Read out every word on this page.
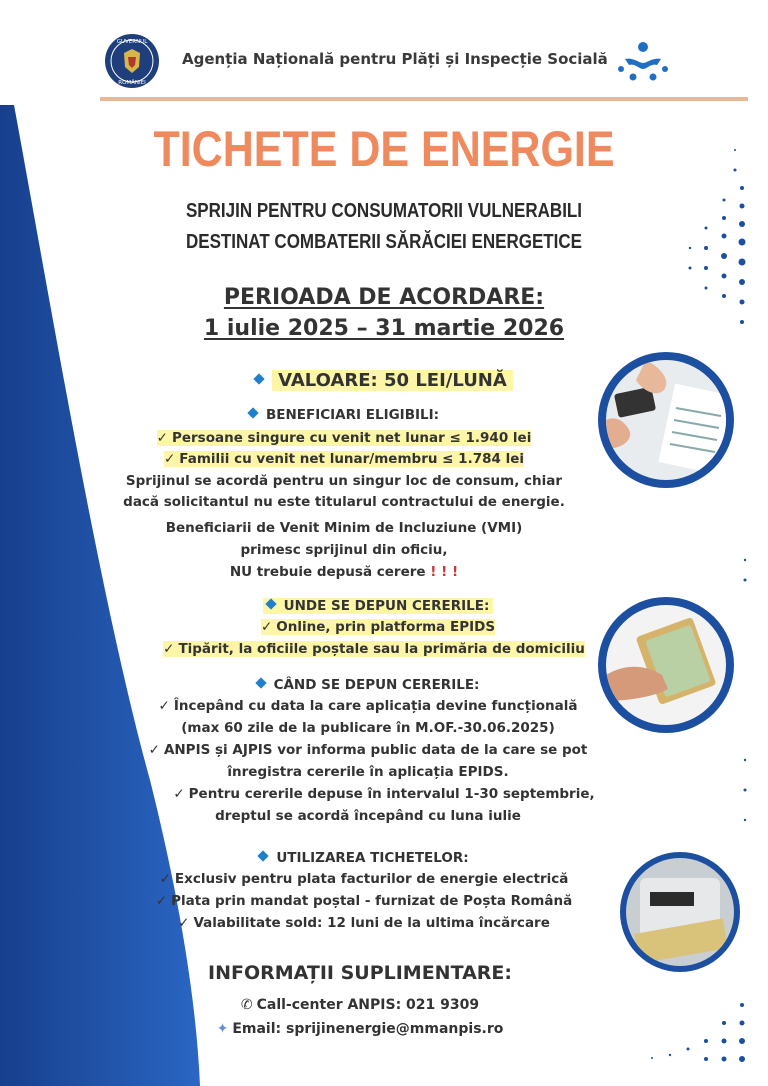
GUVERNUL
ROMÂNIEI
Agenția Națională pentru Plăți și Inspecție Socială
TICHETE DE ENERGIE
SPRIJIN PENTRU CONSUMATORII VULNERABILI
DESTINAT COMBATERII SĂRĂCIEI ENERGETICE
PERIOADA DE ACORDARE:
1 iulie 2025 – 31 martie 2026
VALOARE: 50 LEI/LUNĂ
BENEFICIARI ELIGIBILI:
✓ Persoane singure cu venit net lunar ≤ 1.940 lei
✓ Familii cu venit net lunar/membru ≤ 1.784 lei
Sprijinul se acordă pentru un singur loc de consum, chiar
dacă solicitantul nu este titularul contractului de energie.
Beneficiarii de Venit Minim de Incluziune (VMI)
primesc sprijinul din oficiu,
NU trebuie depusă cerere ! ! !
UNDE SE DEPUN CERERILE:
✓ Online, prin platforma EPIDS
✓ Tipărit, la oficiile poștale sau la primăria de domiciliu
CÂND SE DEPUN CERERILE:
✓ Începând cu data la care aplicația devine funcțională
(max 60 zile de la publicare în M.OF.-30.06.2025)
✓ ANPIS și AJPIS vor informa public data de la care se pot
înregistra cererile în aplicația EPIDS.
✓ Pentru cererile depuse în intervalul 1-30 septembrie,
dreptul se acordă începând cu luna iulie
UTILIZAREA TICHETELOR:
✓ Exclusiv pentru plata facturilor de energie electrică
✓ Plata prin mandat poștal - furnizat de Poșta Română
✓ Valabilitate sold: 12 luni de la ultima încărcare
INFORMAȚII SUPLIMENTARE:
✆ Call-center ANPIS: 021 9309
✦ Email: sprijinenergie@mmanpis.ro
